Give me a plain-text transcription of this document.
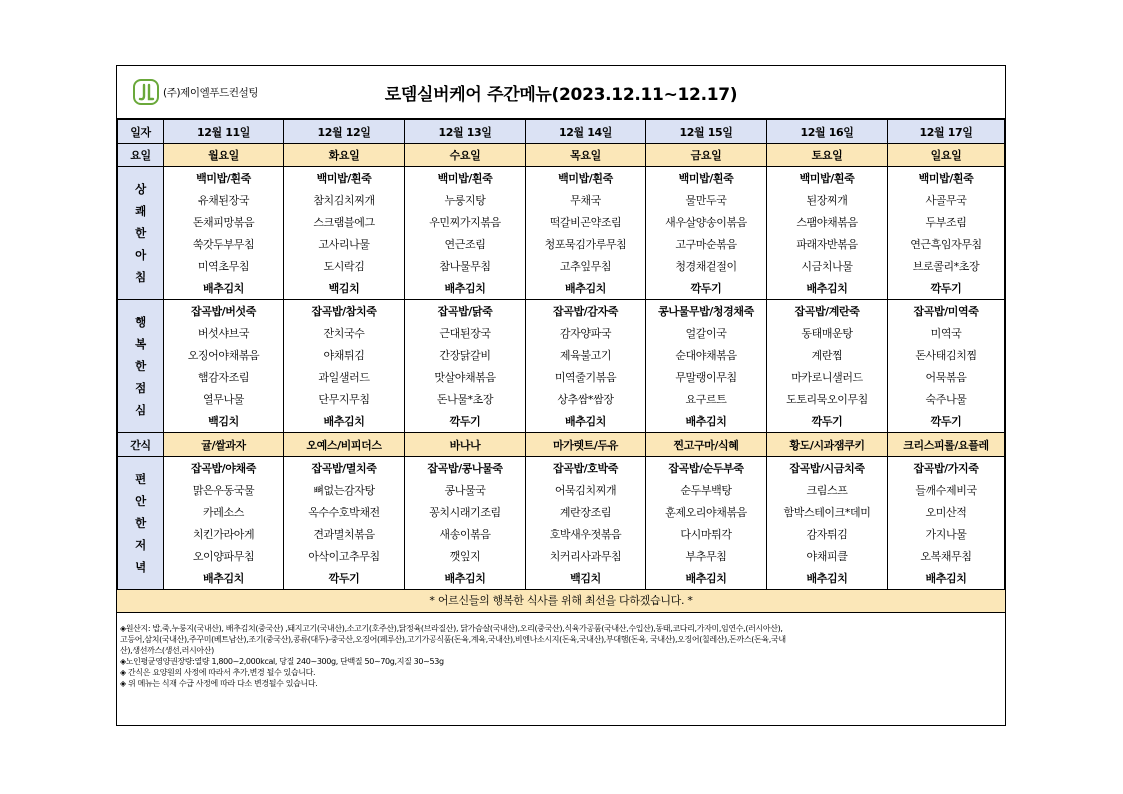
(주)제이엘푸드컨설팅	로뎀실버케어 주간메뉴(2023.12.11~12.17)
일자	12월 11일	12월 12일	12월 13일	12월 14일	12월 15일	12월 16일	12월 17일
요일	월요일	화요일	수요일	목요일	금요일	토요일	일요일

상
쾌
한
아
침	백미밥/흰죽	백미밥/흰죽	백미밥/흰죽	백미밥/흰죽	백미밥/흰죽	백미밥/흰죽	백미밥/흰죽
	유채된장국	참치김치찌개	누룽지탕	무채국	물만두국	된장찌개	사골무국
	돈채피망볶음	스크램블에그	우민찌가지볶음	떡갈비곤약조림	새우살양송이볶음	스팸야채볶음	두부조림
	쑥갓두부무침	고사리나물	연근조림	청포묵김가루무침	고구마순볶음	파래자반볶음	연근흑임자무침
	미역초무침	도시락김	참나물무침	고추잎무침	청경채겉절이	시금치나물	브로콜리*초장
	배추김치	백김치	배추김치	배추김치	깍두기	배추김치	깍두기

행
복
한
점
심	잡곡밥/버섯죽	잡곡밥/참치죽	잡곡밥/닭죽	잡곡밥/감자죽	콩나물무밥/청경채죽	잡곡밥/계란죽	잡곡밥/미역죽
	버섯샤브국	잔치국수	근대된장국	감자양파국	얼갈이국	동태매운탕	미역국
	오징어야채볶음	야채튀김	간장닭갈비	제육불고기	순대야채볶음	계란찜	돈사태김치찜
	햄감자조림	과일샐러드	맛살야채볶음	미역줄기볶음	무말랭이무침	마카로니샐러드	어묵볶음
	열무나물	단무지무침	돈나물*초장	상추쌈*쌈장	요구르트	도토리묵오이무침	숙주나물
	백김치	배추김치	깍두기	배추김치	배추김치	깍두기	깍두기
간식	귤/쌀과자	오예스/비피더스	바나나	마가렛트/두유	찐고구마/식혜	황도/시과잼쿠키	크리스피롤/요플레

편
안
한
저
녁	잡곡밥/야채죽	잡곡밥/멸치죽	잡곡밥/콩나물죽	잡곡밥/호박죽	잡곡밥/순두부죽	잡곡밥/시금치죽	잡곡밥/가지죽
	맑은우동국물	뼈없는감자탕	콩나물국	어묵김치찌개	순두부백탕	크림스프	들깨수제비국
	카레소스	옥수수호박채전	꽁치시래기조림	계란장조림	훈제오리야채볶음	함박스테이크*데미	오미산적
	치킨가라아게	견과멸치볶음	새송이볶음	호박새우젓볶음	다시마튀각	감자튀김	가지나물
	오이양파무침	아삭이고추무침	깻잎지	치커리사과무침	부추무침	야채피클	오복채무침
	배추김치	깍두기	배추김치	백김치	배추김치	배추김치	배추김치
* 어르신들의 행복한 식사를 위해 최선을 다하겠습니다. *
◈원산지: 밥,죽,누룽지(국내산), 배추김치(중국산) ,돼지고기(국내산),소고기(호주산),닭정육(브라질산), 닭가슴살(국내산),오리(중국산),식육가공품(국내산,수입산),동태,코다리,가자미,임연수,(러시아산),
고등어,삼치(국내산),주꾸미(베트남산),조기(중국산),콩류(대두)-중국산,오징어(페루산),고기가공식품(돈육,계육,국내산),비엔나소시지(돈육,국내산),부대햄(돈육, 국내산),오징어(칠레산),돈까스(돈육,국내
산),생선까스(생선,러시아산)
◈노인평균영양권장량:열량 1,800~2,000kcal, 당질 240~300g, 단백질 50~70g,지질 30~53g
◈ 간식은 요양원의 사정에 따라서 추가,변경 될수 있습니다.
◈ 위 메뉴는 식재 수급 사정에 따라 다소 변경될수 있습니다.
